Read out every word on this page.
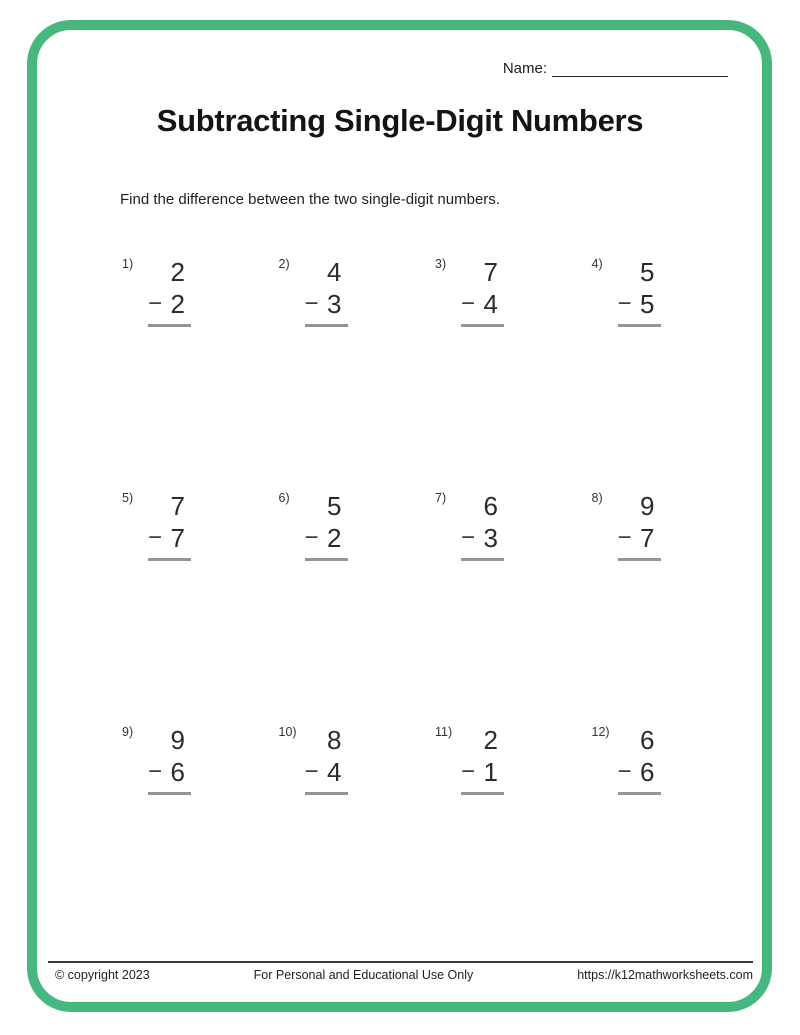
Name:
Subtracting Single-Digit Numbers

Find the difference between the two single-digit numbers.

1)	2
− 2
2)	4
− 3
3)	7
− 4
4)	5
− 5
5)	7
− 7
6)	5
− 2
7)	6
− 3
8)	9
− 7
9)	9
− 6
10)	8
− 4
11)	2
− 1
12)	6
− 6
© copyright 2023	For Personal and Educational Use Only	https://k12mathworksheets.com
